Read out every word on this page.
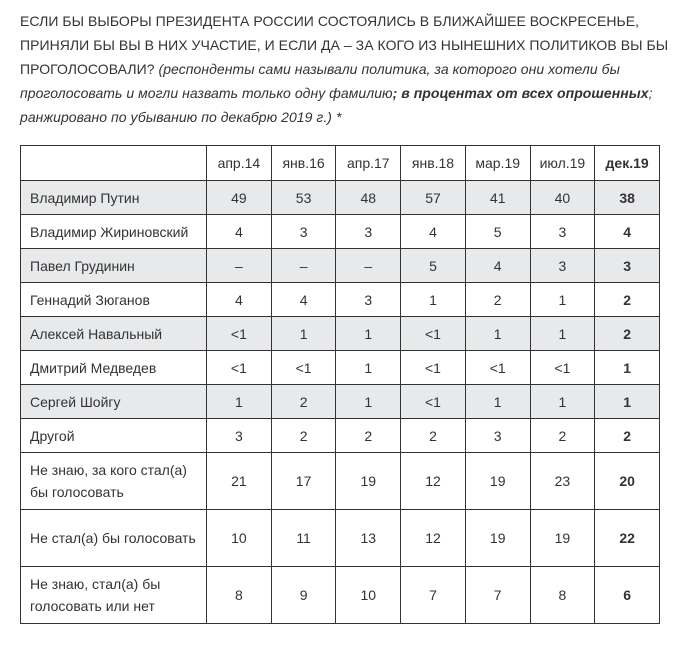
ЕСЛИ БЫ ВЫБОРЫ ПРЕЗИДЕНТА РОССИИ СОСТОЯЛИСЬ В БЛИЖАЙШЕЕ ВОСКРЕСЕНЬЕ, ПРИНЯЛИ БЫ ВЫ В НИХ УЧАСТИЕ, И ЕСЛИ ДА – ЗА КОГО ИЗ НЫНЕШНИХ ПОЛИТИКОВ ВЫ БЫ ПРОГОЛОСОВАЛИ? (респонденты сами называли политика, за которого они хотели бы проголосовать и могли назвать только одну фамилию; в процентах от всех опрошенных; ранжировано по убыванию по декабрю 2019 г.) *
	апр.14	янв.16	апр.17	янв.18	мар.19	июл.19	дек.19
Владимир Путин	49	53	48	57	41	40	38
Владимир Жириновский	4	3	3	4	5	3	4
Павел Грудинин	–	–	–	5	4	3	3
Геннадий Зюганов	4	4	3	1	2	1	2
Алексей Навальный	<1	1	1	<1	1	1	2
Дмитрий Медведев	<1	<1	1	<1	<1	<1	1
Сергей Шойгу	1	2	1	<1	1	1	1
Другой	3	2	2	2	3	2	2
Не знаю, за кого стал(а) бы голосовать	21	17	19	12	19	23	20
Не стал(а) бы голосовать	10	11	13	12	19	19	22
Не знаю, стал(а) бы голосовать или нет	8	9	10	7	7	8	6
